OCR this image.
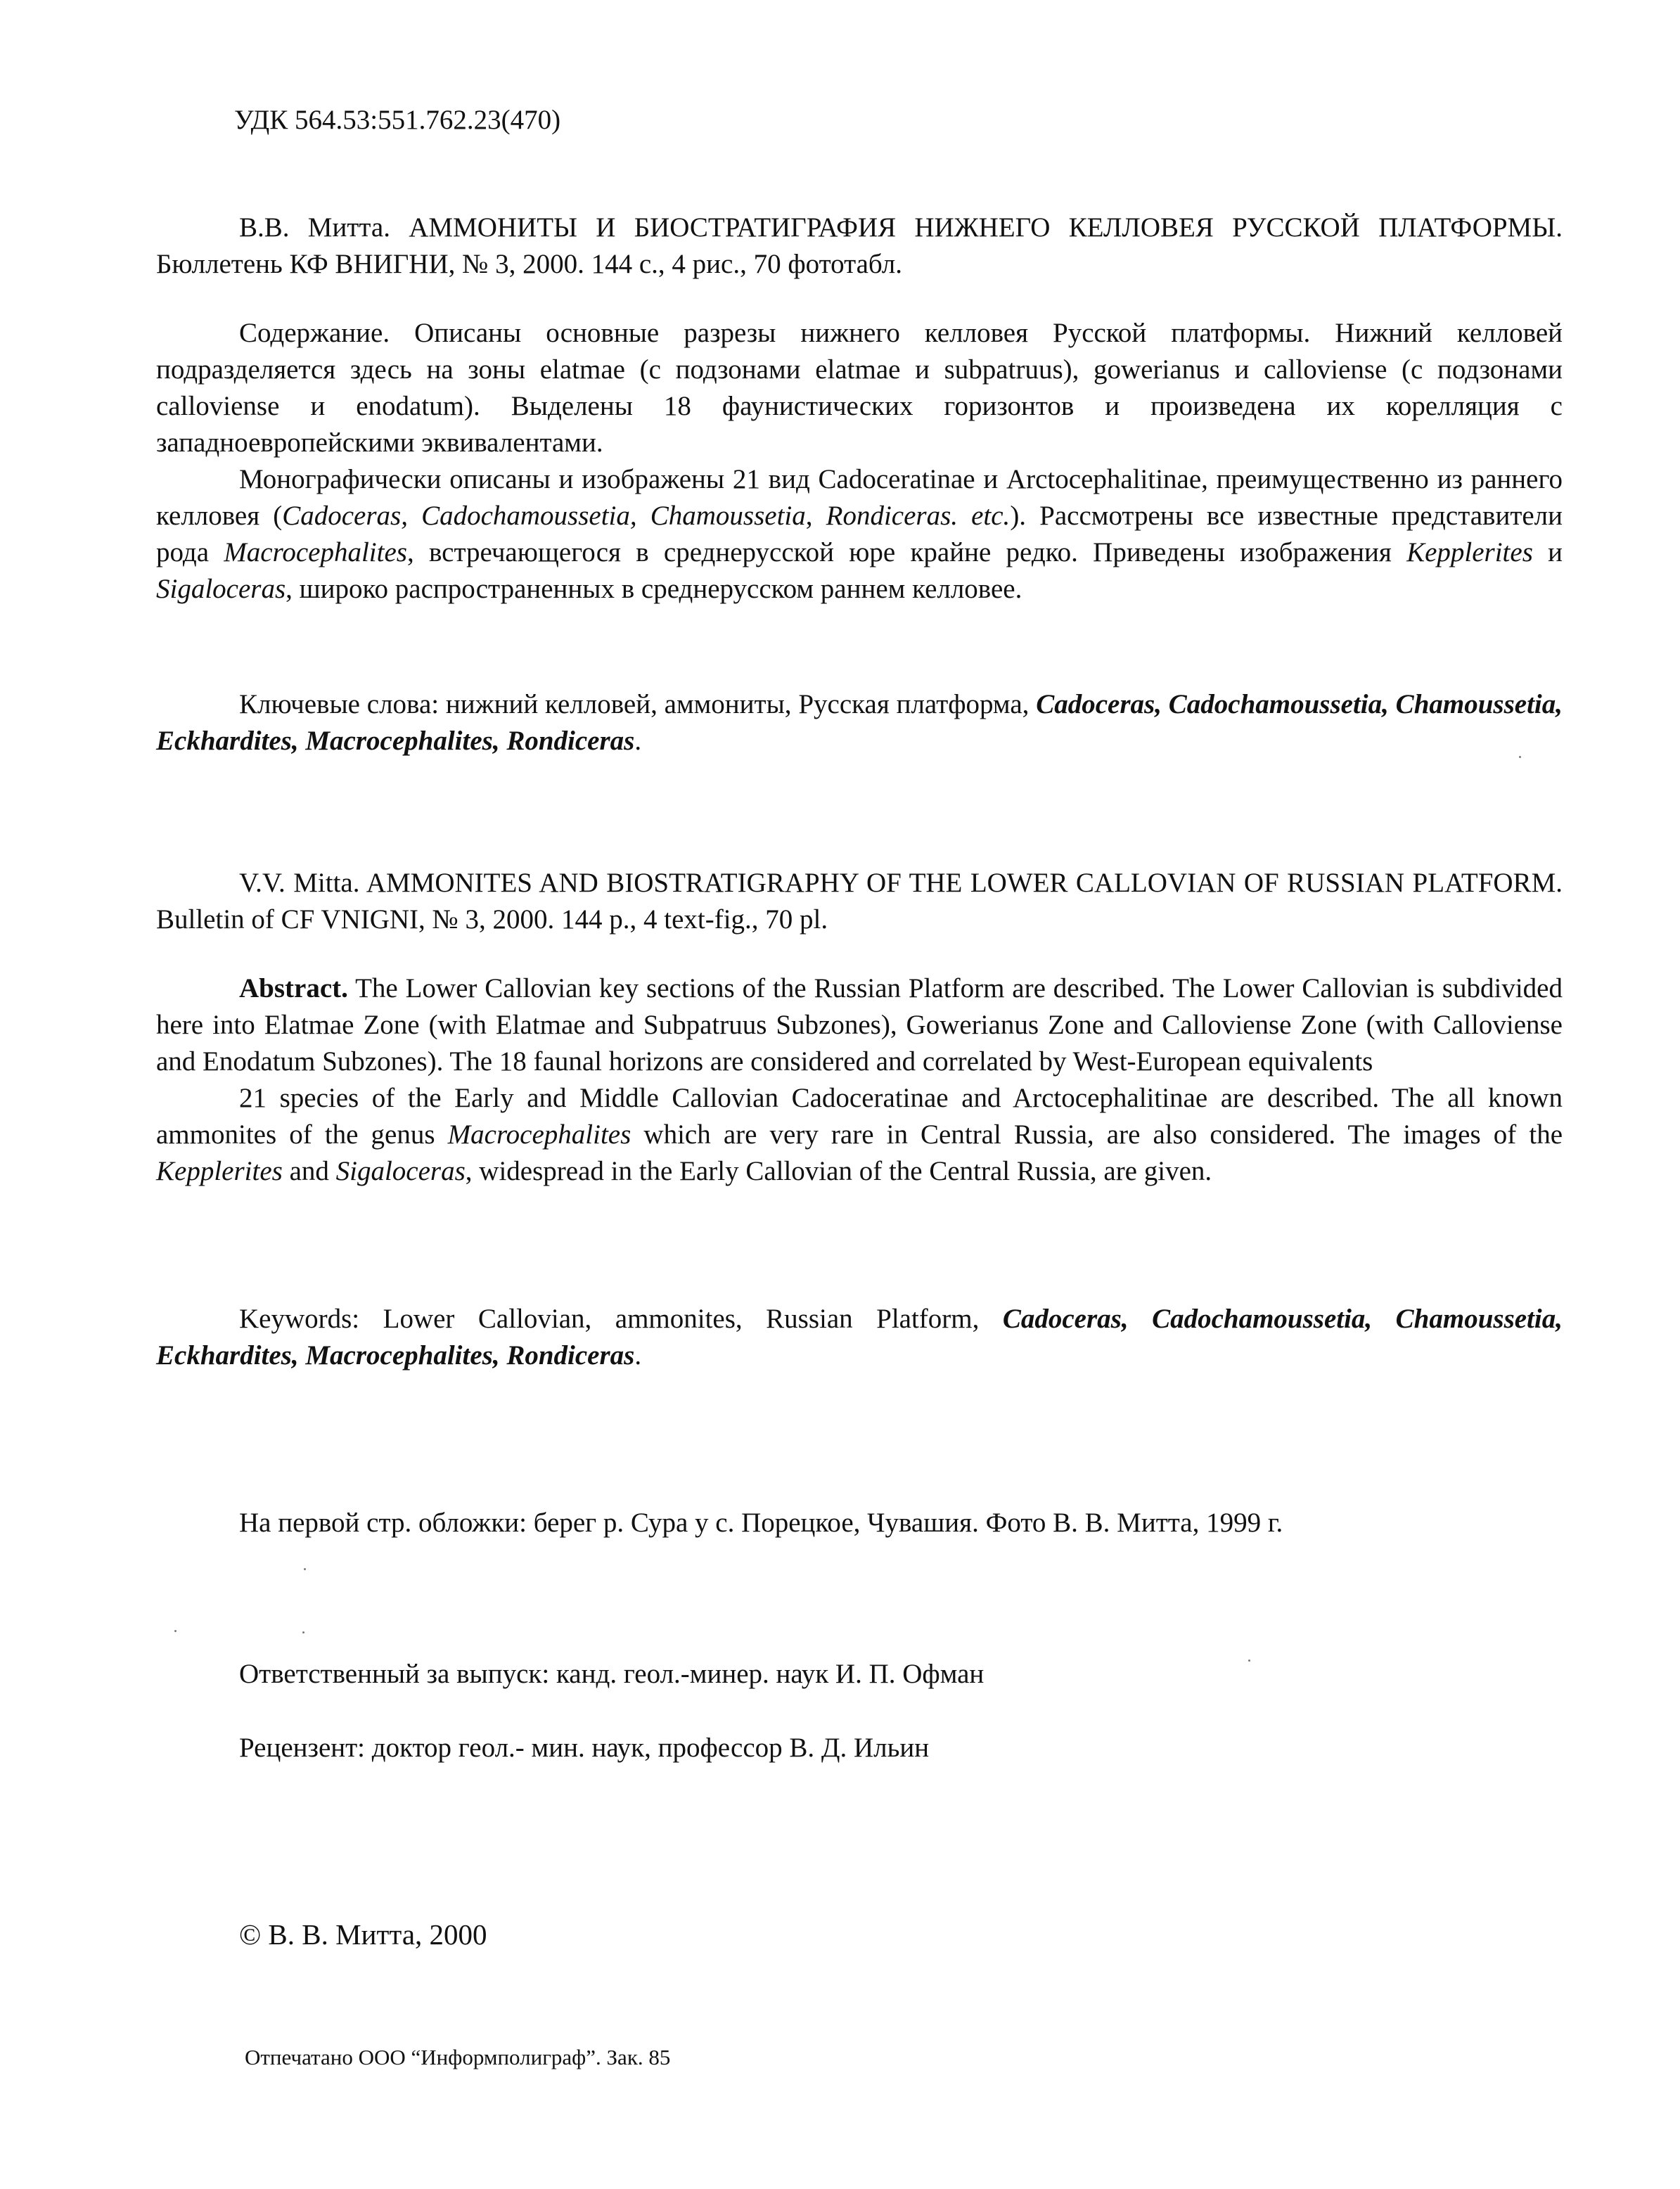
УДК 564.53:551.762.23(470)

В.В. Митта. АММОНИТЫ И БИОСТРАТИГРАФИЯ НИЖНЕГО КЕЛЛОВЕЯ РУССКОЙ ПЛАТФОРМЫ. Бюллетень КФ ВНИГНИ, № 3, 2000. 144 с., 4 рис., 70 фототабл.

Содержание. Описаны основные разрезы нижнего келловея Русской платформы. Нижний келловей подразделяется здесь на зоны elatmae (с подзонами elatmae и subpatruus), gowerianus и calloviense (с подзонами calloviense и enodatum). Выделены 18 фаунистических горизонтов и произведена их корелляция с западноевропейскими эквивалентами.

Монографически описаны и изображены 21 вид Cadoceratinae и Arctocephalitinae, преимущественно из раннего келловея (Cadoceras, Cadochamoussetia, Chamoussetia, Rondiceras. etc.). Рассмотрены все известные представители рода Macrocephalites, встречающегося в среднерусской юре крайне редко. Приведены изображения Kepplerites и Sigaloceras, широко распространенных в среднерусском раннем келловее.

Ключевые слова: нижний келловей, аммониты, Русская платформа, Cadoceras, Cadochamoussetia, Chamoussetia, Eckhardites, Macrocephalites, Rondiceras.

V.V. Mitta. AMMONITES AND BIOSTRATIGRAPHY OF THE LOWER CALLOVIAN OF RUSSIAN PLATFORM. Bulletin of CF VNIGNI, № 3, 2000. 144 p., 4 text-fig., 70 pl.

Abstract. The Lower Callovian key sections of the Russian Platform are described. The Lower Callovian is subdivided here into Elatmae Zone (with Elatmae and Subpatruus Subzones), Gowerianus Zone and Calloviense Zone (with Calloviense and Enodatum Subzones). The 18 faunal horizons are considered and correlated by West-European equivalents

21 species of the Early and Middle Callovian Cadoceratinae and Arctocephalitinae are described. The all known ammonites of the genus Macrocephalites which are very rare in Central Russia, are also considered. The images of the Kepplerites and Sigaloceras, widespread in the Early Callovian of the Central Russia, are given.

Keywords: Lower Callovian, ammonites, Russian Platform, Cadoceras, Cadochamoussetia, Chamoussetia, Eckhardites, Macrocephalites, Rondiceras.

На первой стр. обложки: берег р. Сура у с. Порецкое, Чувашия. Фото В. В. Митта, 1999 г.
Ответственный за выпуск: канд. геол.-минер. наук И. П. Офман
Рецензент: доктор геол.- мин. наук, профессор В. Д. Ильин
© В. В. Митта, 2000
Отпечатано ООО “Информполиграф”. Зак. 85
